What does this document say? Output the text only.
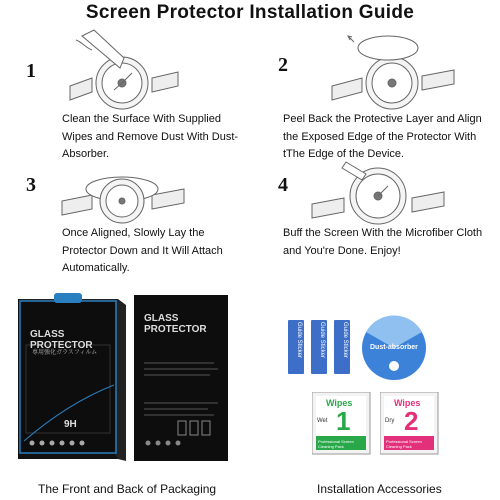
Screen Protector Installation Guide
1
Clean the Surface With Supplied Wipes and Remove Dust With Dust-Absorber.
2
Peel Back the Protective Layer and Align the Exposed Edge of the Protector With tThe Edge of the Device.
3
Once Aligned, Slowly Lay the Protector Down and It Will Attach Automatically.
4
Buff the Screen With the Microfiber Cloth and You're Done. Enjoy!
GLASS PROTECTOR
専用強化ガラスフィルム
9H
GLASS PROTECTOR
The Front and Back of Packaging
Guide Sticker	Guide Sticker	Guide Sticker	Dust-absorber
Wipes
Wet 1
Professional Screen Cleaning Pack
Wipes
Dry 2
Professional Screen Cleaning Pack
Installation Accessories
